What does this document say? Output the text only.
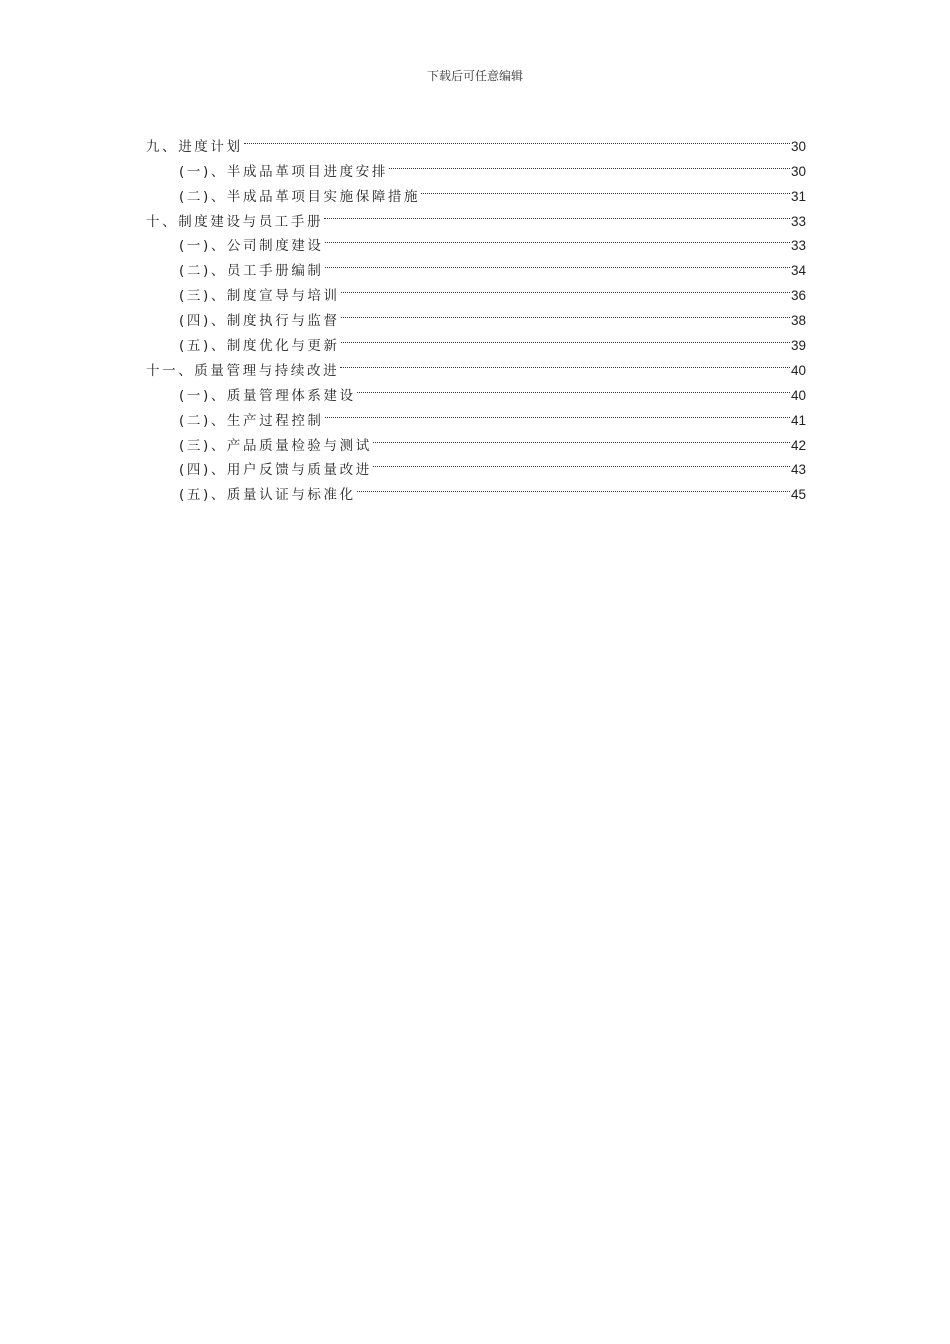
下载后可任意编辑
九、进度计划	30
(一)、半成品革项目进度安排	30
(二)、半成品革项目实施保障措施	31
十、制度建设与员工手册	33
(一)、公司制度建设	33
(二)、员工手册编制	34
(三)、制度宣导与培训	36
(四)、制度执行与监督	38
(五)、制度优化与更新	39
十一、质量管理与持续改进	40
(一)、质量管理体系建设	40
(二)、生产过程控制	41
(三)、产品质量检验与测试	42
(四)、用户反馈与质量改进	43
(五)、质量认证与标准化	45
